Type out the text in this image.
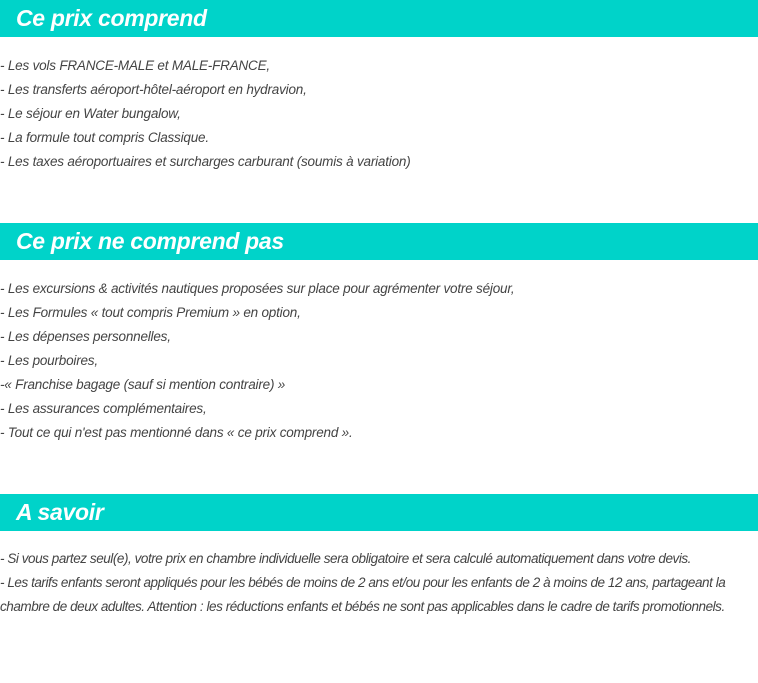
Ce prix comprend
- Les vols FRANCE-MALE et MALE-FRANCE,
- Les transferts aéroport-hôtel-aéroport en hydravion,
- Le séjour en Water bungalow,
- La formule tout compris Classique.
- Les taxes aéroportuaires et surcharges carburant (soumis à variation)
Ce prix ne comprend pas
- Les excursions & activités nautiques proposées sur place pour agrémenter votre séjour,
- Les Formules « tout compris Premium » en option,
- Les dépenses personnelles,
- Les pourboires,
-« Franchise bagage (sauf si mention contraire) »
- Les assurances complémentaires,
- Tout ce qui n'est pas mentionné dans « ce prix comprend ».
A savoir
- Si vous partez seul(e), votre prix en chambre individuelle sera obligatoire et sera calculé automatiquement dans votre devis.
- Les tarifs enfants seront appliqués pour les bébés de moins de 2 ans et/ou pour les enfants de 2 à moins de 12 ans, partageant la chambre de deux adultes. Attention : les réductions enfants et bébés ne sont pas applicables dans le cadre de tarifs promotionnels.
